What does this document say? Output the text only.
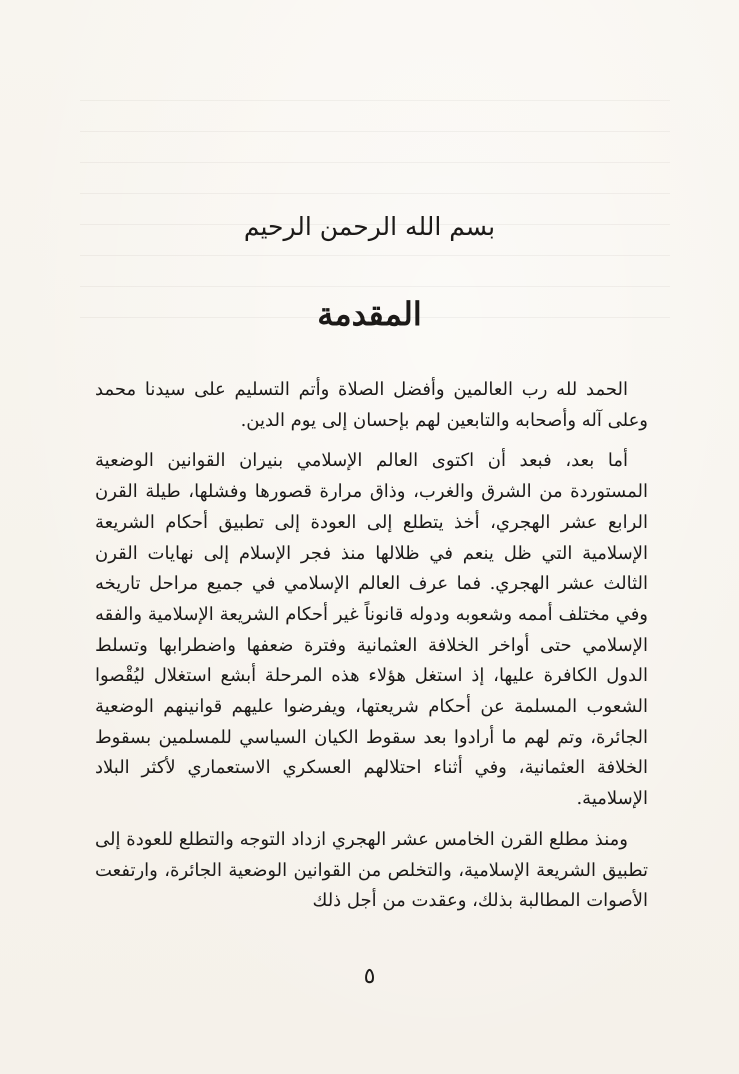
بسم الله الرحمن الرحيم
المقدمة

الحمد لله رب العالمين وأفضل الصلاة وأتم التسليم على سيدنا محمد وعلى آله وأصحابه والتابعين لهم بإحسان إلى يوم الدين.

أما بعد، فبعد أن اكتوى العالم الإسلامي بنيران القوانين الوضعية المستوردة من الشرق والغرب، وذاق مرارة قصورها وفشلها، طيلة القرن الرابع عشر الهجري، أخذ يتطلع إلى العودة إلى تطبيق أحكام الشريعة الإسلامية التي ظل ينعم في ظلالها منذ فجر الإسلام إلى نهايات القرن الثالث عشر الهجري. فما عرف العالم الإسلامي في جميع مراحل تاريخه وفي مختلف أممه وشعوبه ودوله قانوناً غير أحكام الشريعة الإسلامية والفقه الإسلامي حتى أواخر الخلافة العثمانية وفترة ضعفها واضطرابها وتسلط الدول الكافرة عليها، إذ استغل هؤلاء هذه المرحلة أبشع استغلال ليُقْصوا الشعوب المسلمة عن أحكام شريعتها، ويفرضوا عليهم قوانينهم الوضعية الجائرة، وتم لهم ما أرادوا بعد سقوط الكيان السياسي للمسلمين بسقوط الخلافة العثمانية، وفي أثناء احتلالهم العسكري الاستعماري لأكثر البلاد الإسلامية.

ومنذ مطلع القرن الخامس عشر الهجري ازداد التوجه والتطلع للعودة إلى تطبيق الشريعة الإسلامية، والتخلص من القوانين الوضعية الجائرة، وارتفعت الأصوات المطالبة بذلك، وعقدت من أجل ذلك

٥
